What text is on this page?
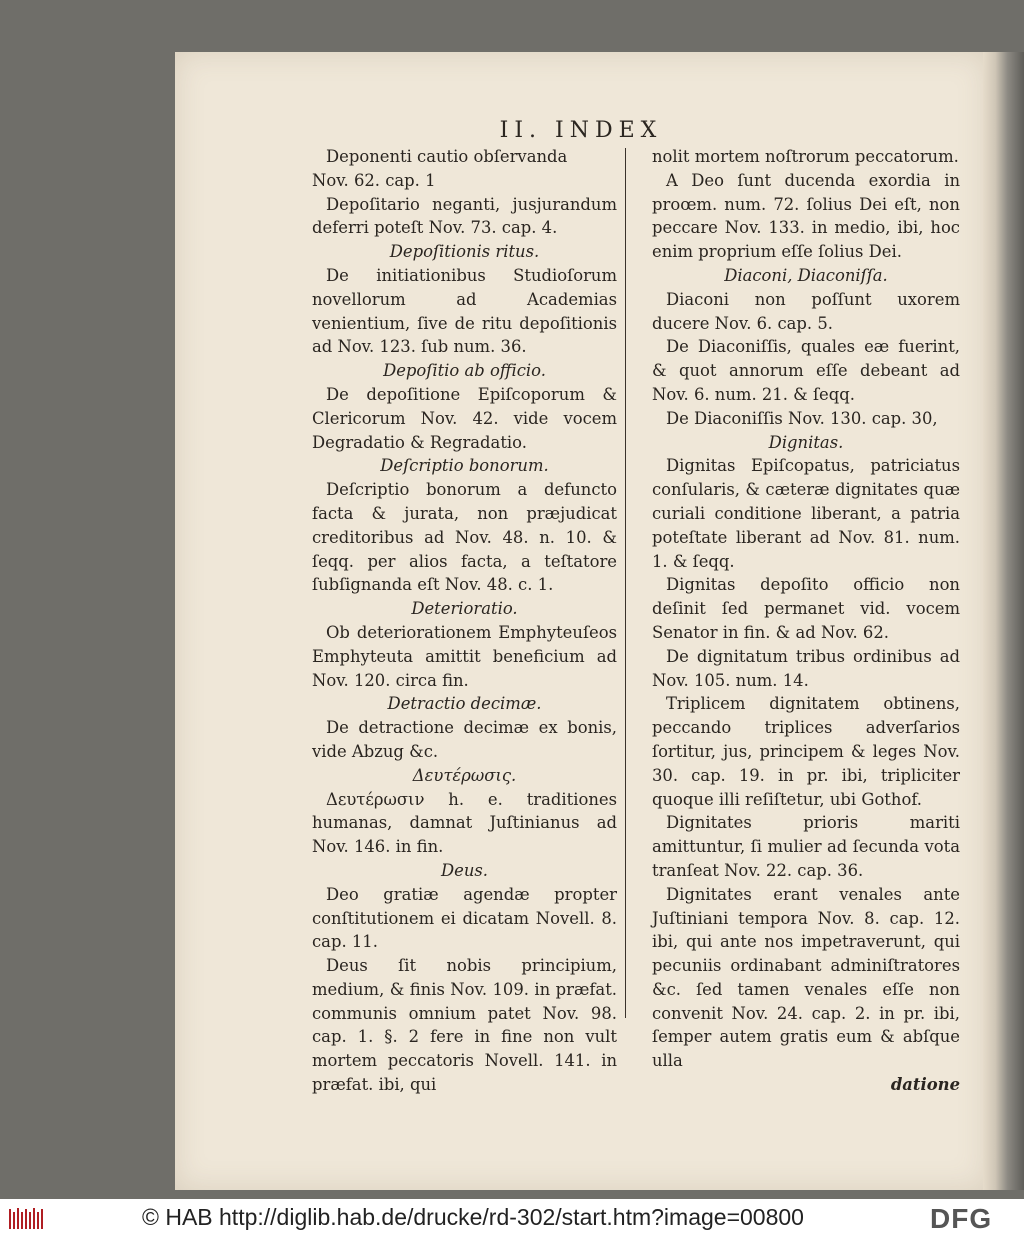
II. INDEX

Deponenti cautio obſervanda

Nov. 62. cap. 1

Depoſitario neganti, jusjurandum deferri poteſt Nov. 73. cap. 4.

Depoſitionis ritus.

De initiationibus Studioſorum novellorum ad Academias venientium, ſive de ritu depoſitionis ad Nov. 123. ſub num. 36.

Depoſitio ab officio.

De depoſitione Epiſcoporum & Clericorum Nov. 42. vide vocem Degradatio & Regradatio.

Deſcriptio bonorum.

Deſcriptio bonorum a defuncto facta & jurata, non præjudicat creditoribus ad Nov. 48. n. 10. & ſeqq. per alios facta, a teſtatore ſubſignanda eſt Nov. 48. c. 1.

Deterioratio.

Ob deteriorationem Emphyteuſeos Emphyteuta amittit beneficium ad Nov. 120. circa fin.

Detractio decimæ.

De detractione decimæ ex bonis, vide Abzug &c.

Δευτέρωσις.

Δευτέρωσιν h. e. traditiones humanas, damnat Juſtinianus ad Nov. 146. in fin.

Deus.

Deo gratiæ agendæ propter conſtitutionem ei dicatam Novell. 8. cap. 11.

Deus ſit nobis principium, medium, & finis Nov. 109. in præfat. communis omnium patet Nov. 98. cap. 1. §. 2 fere in fine non vult mortem peccatoris Novell. 141. in præfat. ibi, qui

nolit mortem noſtrorum peccatorum.

A Deo ſunt ducenda exordia in proœm. num. 72. ſolius Dei eſt, non peccare Nov. 133. in medio, ibi, hoc enim proprium eſſe ſolius Dei.

Diaconi, Diaconiſſa.

Diaconi non poſſunt uxorem ducere Nov. 6. cap. 5.

De Diaconiſſis, quales eæ fuerint, & quot annorum eſſe debeant ad Nov. 6. num. 21. & ſeqq.

De Diaconiſſis Nov. 130. cap. 30,

Dignitas.

Dignitas Epiſcopatus, patriciatus conſularis, & cæteræ dignitates quæ curiali conditione liberant, a patria poteſtate liberant ad Nov. 81. num. 1. & ſeqq.

Dignitas depoſito officio non deſinit ſed permanet vid. vocem Senator in fin. & ad Nov. 62.

De dignitatum tribus ordinibus ad Nov. 105. num. 14.

Triplicem dignitatem obtinens, peccando triplices adverſarios ſortitur, jus, principem & leges Nov. 30. cap. 19. in pr. ibi, tripliciter quoque illi reſiſtetur, ubi Gothof.

Dignitates prioris mariti amittuntur, ſi mulier ad ſecunda vota tranſeat Nov. 22. cap. 36.

Dignitates erant venales ante Juſtiniani tempora Nov. 8. cap. 12. ibi, qui ante nos impetraverunt, qui pecuniis ordinabant adminiſtratores &c. ſed tamen venales eſſe non convenit Nov. 24. cap. 2. in pr. ibi, ſemper autem gratis eum & abſque ulla

datione

© HAB http://diglib.hab.de/drucke/rd-302/start.htm?image=00800	DFG
